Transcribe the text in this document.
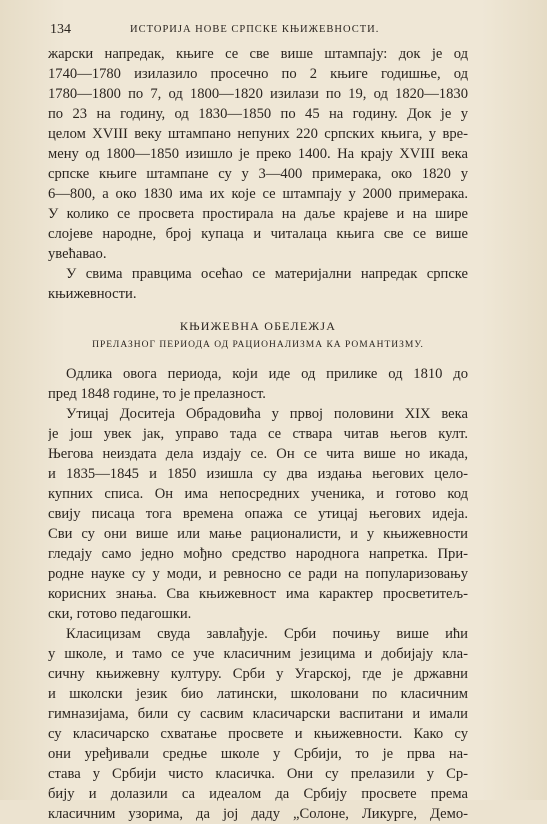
134	ИСТОРИЈА НОВЕ СРПСКЕ КЊИЖЕВНОСТИ.
жарски напредак, књиге се све више штампају: док је од
1740—1780 изилазило просечно по 2 књиге годишње, од
1780—1800 по 7, од 1800—1820 изилази по 19, од 1820—1830
по 23 на годину, од 1830—1850 по 45 на годину. Док је у
целом XVIII веку штампано непуних 220 српских књига, у вре-
мену од 1800—1850 изишло је преко 1400. На крају XVIII века
српске књиге штампане су у 3—400 примерака, око 1820 у
6—800, а око 1830 има их које се штампају у 2000 примерака.
У колико се просвета простирала на даље крајеве и на шире
слојеве народне, број купаца и читалаца књига све се више
увећавао.
У свима правцима осећао се материјални напредак српске
књижевности.
КЊИЖЕВНА ОБЕЛЕЖЈА
ПРЕЛАЗНОГ ПЕРИОДА ОД РАЦИОНАЛИЗМА КА РОМАНТИЗМУ.
Одлика овога периода, који иде од прилике од 1810 до
пред 1848 године, то је прелазност.
Утицај Доситеја Обрадовића у првој половини XIX века
је још увек јак, управо тада се ствара читав његов култ.
Његова неиздата дела издају се. Он се чита више но икада,
и 1835—1845 и 1850 изишла су два издања његових цело-
купних списа. Он има непосредних ученика, и готово код
свију писаца тога времена опажа се утицај његових идеја.
Сви су они више или мање рационалисти, и у књижевности
гледају само једно мођно средство народнога напретка. При-
родне науке су у моди, и ревносно се ради на популаризовању
корисних знања. Сва књижевност има карактер просветитељ-
ски, готово педагошки.
Класицизам свуда завлађује. Срби почињу више ићи
у школе, и тамо се уче класичним језицима и добијају кла-
сичну књижевну културу. Срби у Угарској, где је државни
и школски језик био латински, школовани по класичним
гимназијама, били су сасвим класичарски васпитани и имали
су класичарско схватање просвете и књижевности. Како су
они уређивали средње школе у Србији, то је прва на-
става у Србији чисто класичка. Они су прелазили у Ср-
бију и долазили са идеалом да Србију просвете према
класичним узорима, да јој даду „Солоне, Ликурге, Демо-
